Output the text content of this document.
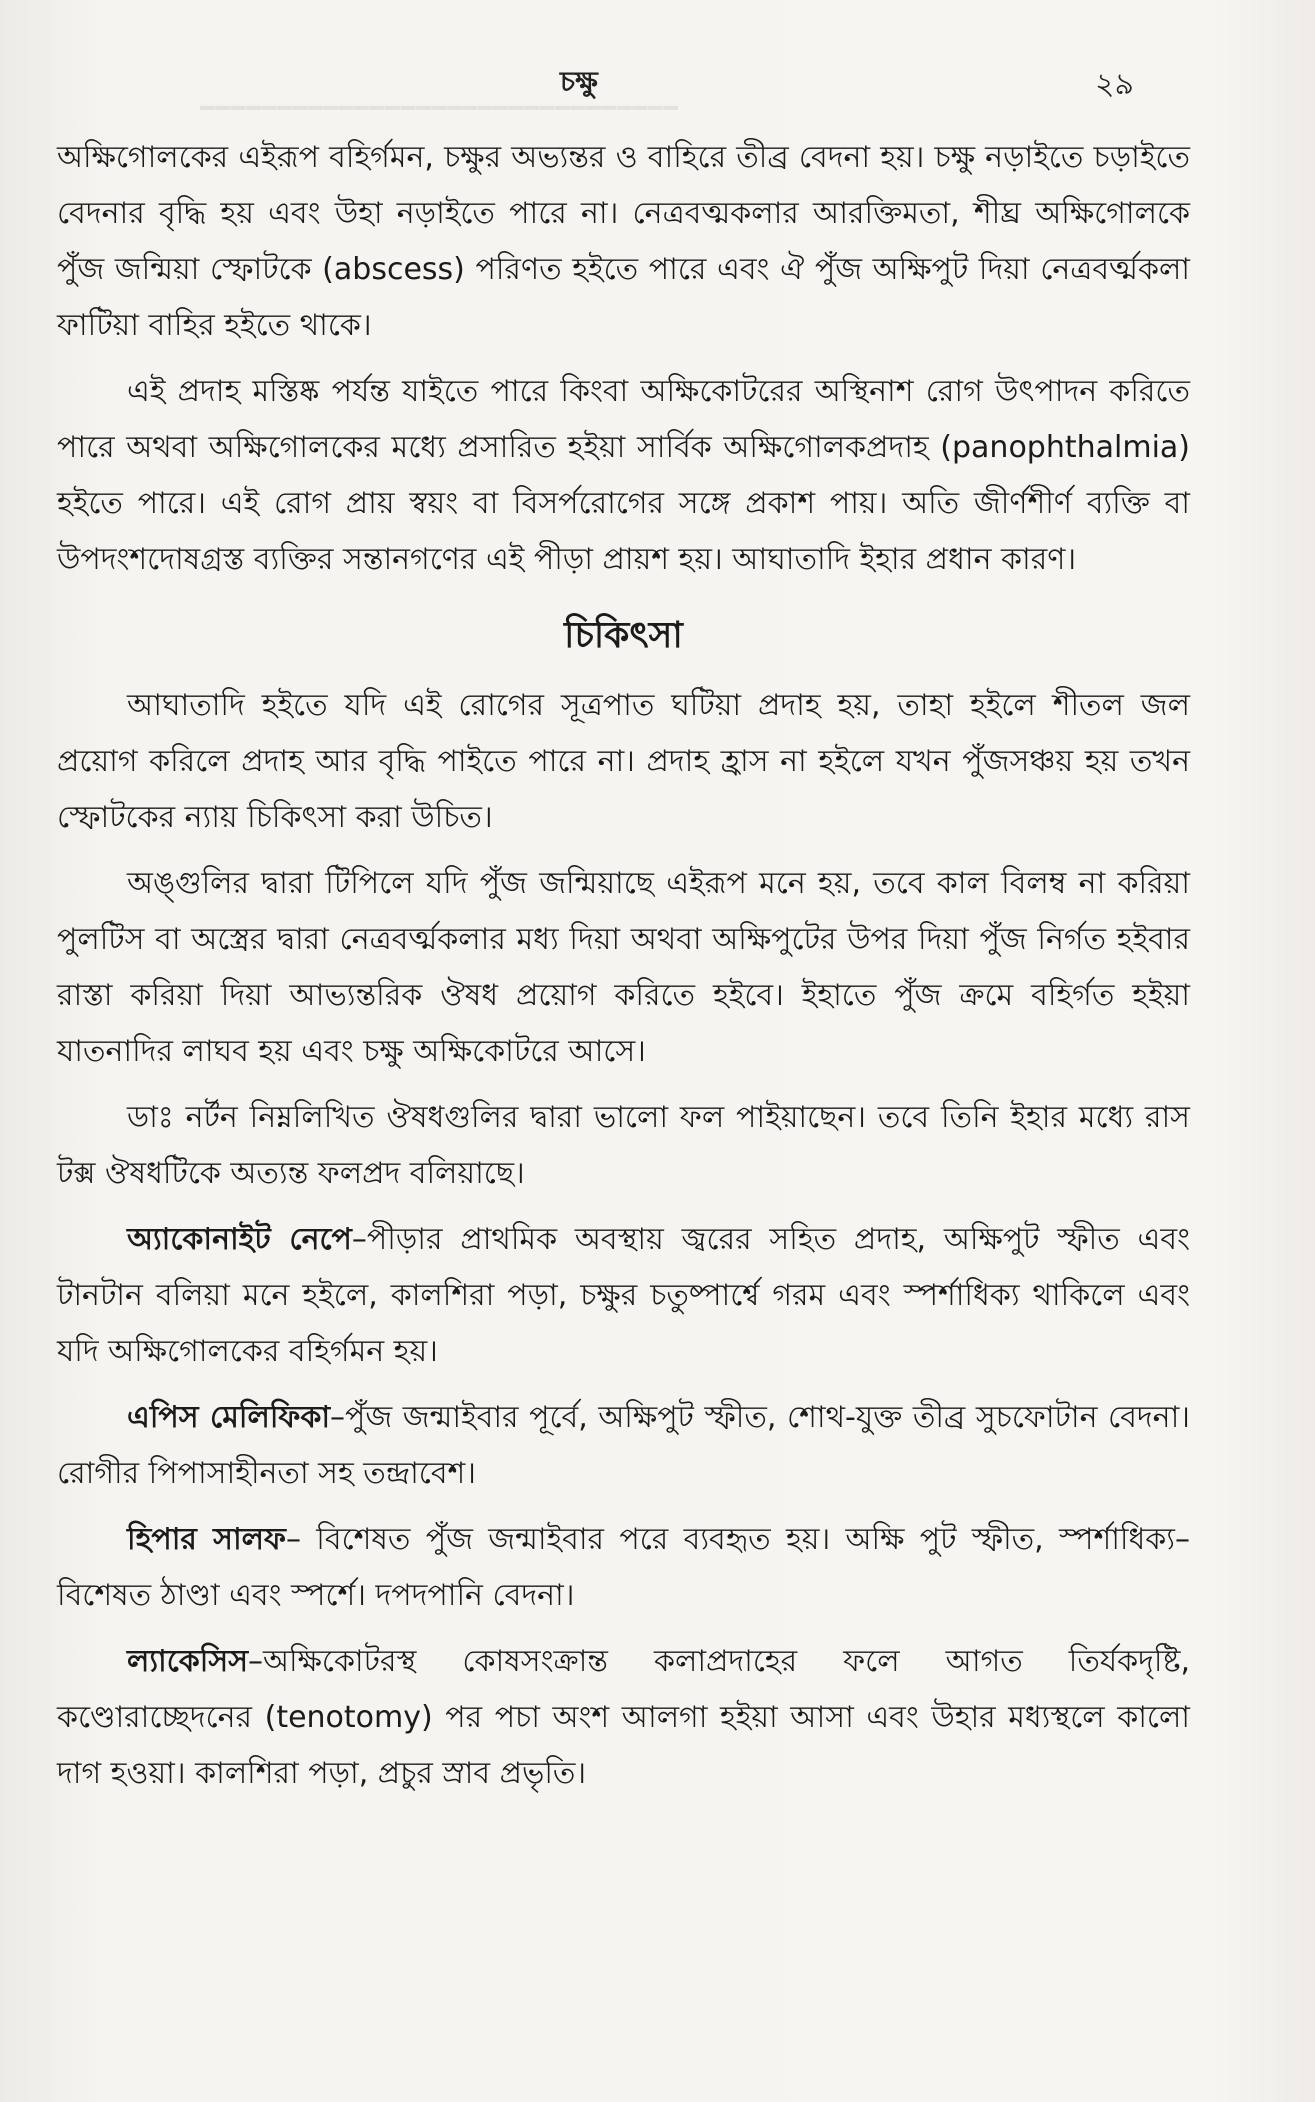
━━━━━━━━━━━━━━━━━━━━━━━━━━━━━━━
চক্ষু	২৯

অক্ষিগোলকের এইরূপ বহির্গমন, চক্ষুর অভ্যন্তর ও বাহিরে তীব্র বেদনা হয়। চক্ষু নড়াইতে চড়াইতে বেদনার বৃদ্ধি হয় এবং উহা নড়াইতে পারে না। নেত্রবত্মকলার আরক্তিমতা, শীঘ্র অক্ষিগোলকে পুঁজ জন্মিয়া স্ফোটকে (abscess) পরিণত হইতে পারে এবং ঐ পুঁজ অক্ষিপুট দিয়া নেত্রবর্ত্মকলা ফাটিয়া বাহির হইতে থাকে।

এই প্রদাহ মস্তিষ্ক পর্যন্ত যাইতে পারে কিংবা অক্ষিকোটরের অস্থিনাশ রোগ উৎপাদন করিতে পারে অথবা অক্ষিগোলকের মধ্যে প্রসারিত হইয়া সার্বিক অক্ষিগোলকপ্রদাহ (panophthalmia) হইতে পারে। এই রোগ প্রায় স্বয়ং বা বিসর্পরোগের সঙ্গে প্রকাশ পায়। অতি জীর্ণশীর্ণ ব্যক্তি বা উপদংশদোষগ্রস্ত ব্যক্তির সন্তানগণের এই পীড়া প্রায়শ হয়। আঘাতাদি ইহার প্রধান কারণ।

চিকিৎসা

আঘাতাদি হইতে যদি এই রোগের সূত্রপাত ঘটিয়া প্রদাহ হয়, তাহা হইলে শীতল জল প্রয়োগ করিলে প্রদাহ আর বৃদ্ধি পাইতে পারে না। প্রদাহ হ্রাস না হইলে যখন পুঁজসঞ্চয় হয় তখন স্ফোটকের ন্যায় চিকিৎসা করা উচিত।

অঙ্গুলির দ্বারা টিপিলে যদি পুঁজ জন্মিয়াছে এইরূপ মনে হয়, তবে কাল বিলম্ব না করিয়া পুলটিস বা অস্ত্রের দ্বারা নেত্রবর্ত্মকলার মধ্য দিয়া অথবা অক্ষিপুটের উপর দিয়া পুঁজ নির্গত হইবার রাস্তা করিয়া দিয়া আভ্যন্তরিক ঔষধ প্রয়োগ করিতে হইবে। ইহাতে পুঁজ ক্রমে বহির্গত হইয়া যাতনাদির লাঘব হয় এবং চক্ষু অক্ষিকোটরে আসে।

ডাঃ নর্টন নিম্নলিখিত ঔষধগুলির দ্বারা ভালো ফল পাইয়াছেন। তবে তিনি ইহার মধ্যে রাস টক্স ঔষধটিকে অত্যন্ত ফলপ্রদ বলিয়াছে।

অ্যাকোনাইট নেপে–পীড়ার প্রাথমিক অবস্থায় জ্বরের সহিত প্রদাহ, অক্ষিপুট স্ফীত এবং টানটান বলিয়া মনে হইলে, কালশিরা পড়া, চক্ষুর চতুষ্পার্শ্বে গরম এবং স্পর্শাধিক্য থাকিলে এবং যদি অক্ষিগোলকের বহির্গমন হয়।

এপিস মেলিফিকা–পুঁজ জন্মাইবার পূর্বে, অক্ষিপুট স্ফীত, শোথ-যুক্ত তীব্র সুচফোটান বেদনা। রোগীর পিপাসাহীনতা সহ তন্দ্রাবেশ।

হিপার সালফ– বিশেষত পুঁজ জন্মাইবার পরে ব্যবহৃত হয়। অক্ষি পুট স্ফীত, স্পর্শাধিক্য–বিশেষত ঠাণ্ডা এবং স্পর্শে। দপদপানি বেদনা।

ল্যাকেসিস–অক্ষিকোটরস্থ কোষসংক্রান্ত কলাপ্রদাহের ফলে আগত তির্যকদৃষ্টি, কণ্ডোরাচ্ছেদনের (tenotomy) পর পচা অংশ আলগা হইয়া আসা এবং উহার মধ্যস্থলে কালো দাগ হওয়া। কালশিরা পড়া, প্রচুর স্রাব প্রভৃতি।
